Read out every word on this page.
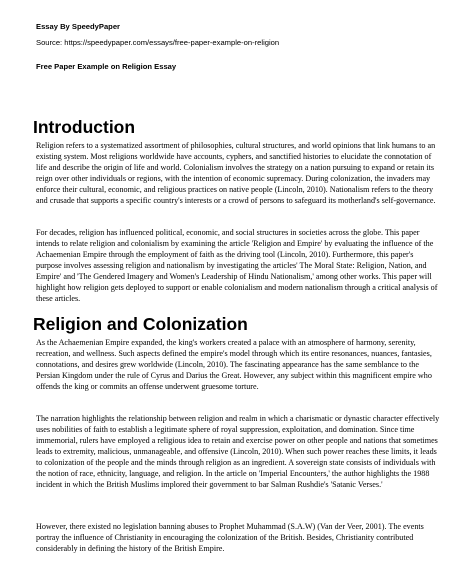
Essay By SpeedyPaper
Source: https://speedypaper.com/essays/free-paper-example-on-religion
Free Paper Example on Religion Essay
Introduction
Religion refers to a systematized assortment of philosophies, cultural structures, and world opinions that link humans to an existing system. Most religions worldwide have accounts, cyphers, and sanctified histories to elucidate the connotation of life and describe the origin of life and world. Colonialism involves the strategy on a nation pursuing to expand or retain its reign over other individuals or regions, with the intention of economic supremacy. During colonization, the invaders may enforce their cultural, economic, and religious practices on native people (Lincoln, 2010). Nationalism refers to the theory and crusade that supports a specific country's interests or a crowd of persons to safeguard its motherland's self-governance.
For decades, religion has influenced political, economic, and social structures in societies across the globe. This paper intends to relate religion and colonialism by examining the article 'Religion and Empire' by evaluating the influence of the Achaemenian Empire through the employment of faith as the driving tool (Lincoln, 2010). Furthermore, this paper's purpose involves assessing religion and nationalism by investigating the articles' The Moral State: Religion, Nation, and Empire' and 'The Gendered Imagery and Women's Leadership of Hindu Nationalism,' among other works. This paper will highlight how religion gets deployed to support or enable colonialism and modern nationalism through a critical analysis of these articles.
Religion and Colonization
As the Achaemenian Empire expanded, the king's workers created a palace with an atmosphere of harmony, serenity, recreation, and wellness. Such aspects defined the empire's model through which its entire resonances, nuances, fantasies, connotations, and desires grew worldwide (Lincoln, 2010). The fascinating appearance has the same semblance to the Persian Kingdom under the rule of Cyrus and Darius the Great. However, any subject within this magnificent empire who offends the king or commits an offense underwent gruesome torture.
The narration highlights the relationship between religion and realm in which a charismatic or dynastic character effectively uses nobilities of faith to establish a legitimate sphere of royal suppression, exploitation, and domination. Since time immemorial, rulers have employed a religious idea to retain and exercise power on other people and nations that sometimes leads to extremity, malicious, unmanageable, and offensive (Lincoln, 2010). When such power reaches these limits, it leads to colonization of the people and the minds through religion as an ingredient. A sovereign state consists of individuals with the notion of race, ethnicity, language, and religion. In the article on 'Imperial Encounters,' the author highlights the 1988 incident in which the British Muslims implored their government to bar Salman Rushdie's 'Satanic Verses.'
However, there existed no legislation banning abuses to Prophet Muhammad (S.A.W) (Van der Veer, 2001). The events portray the influence of Christianity in encouraging the colonization of the British. Besides, Christianity contributed considerably in defining the history of the British Empire.
